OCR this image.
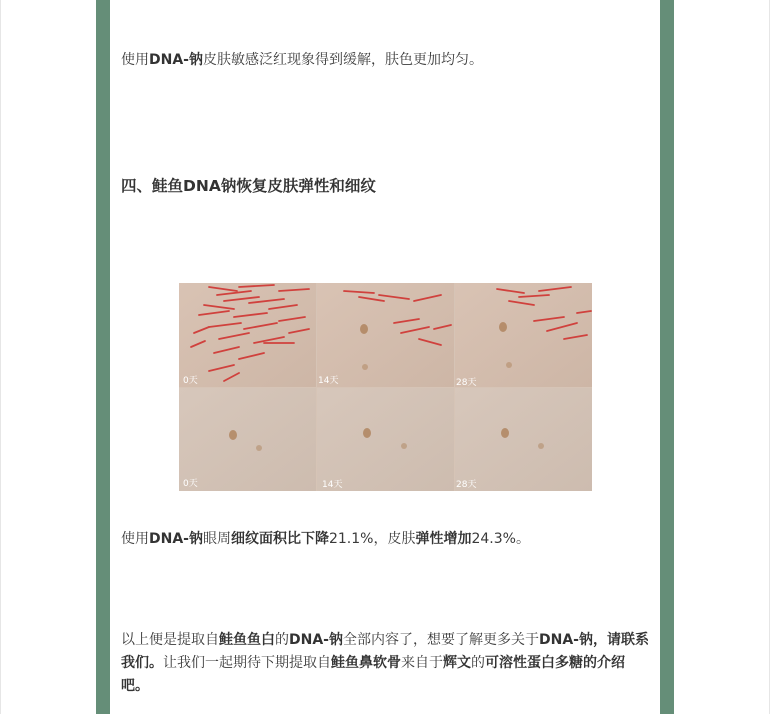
使用DNA-钠皮肤敏感泛红现象得到缓解，肤色更加均匀。

四、鲑鱼DNA钠恢复皮肤弹性和细纹

使用DNA-钠眼周细纹面积比下降21.1%，皮肤弹性增加24.3%。

以上便是提取自鲑鱼鱼白的DNA-钠全部内容了，想要了解更多关于DNA-钠，请联系我们。让我们一起期待下期提取自鲑鱼鼻软骨来自于辉文的可溶性蛋白多糖的介绍吧。

0天	14天	28天
0天	14天	28天
